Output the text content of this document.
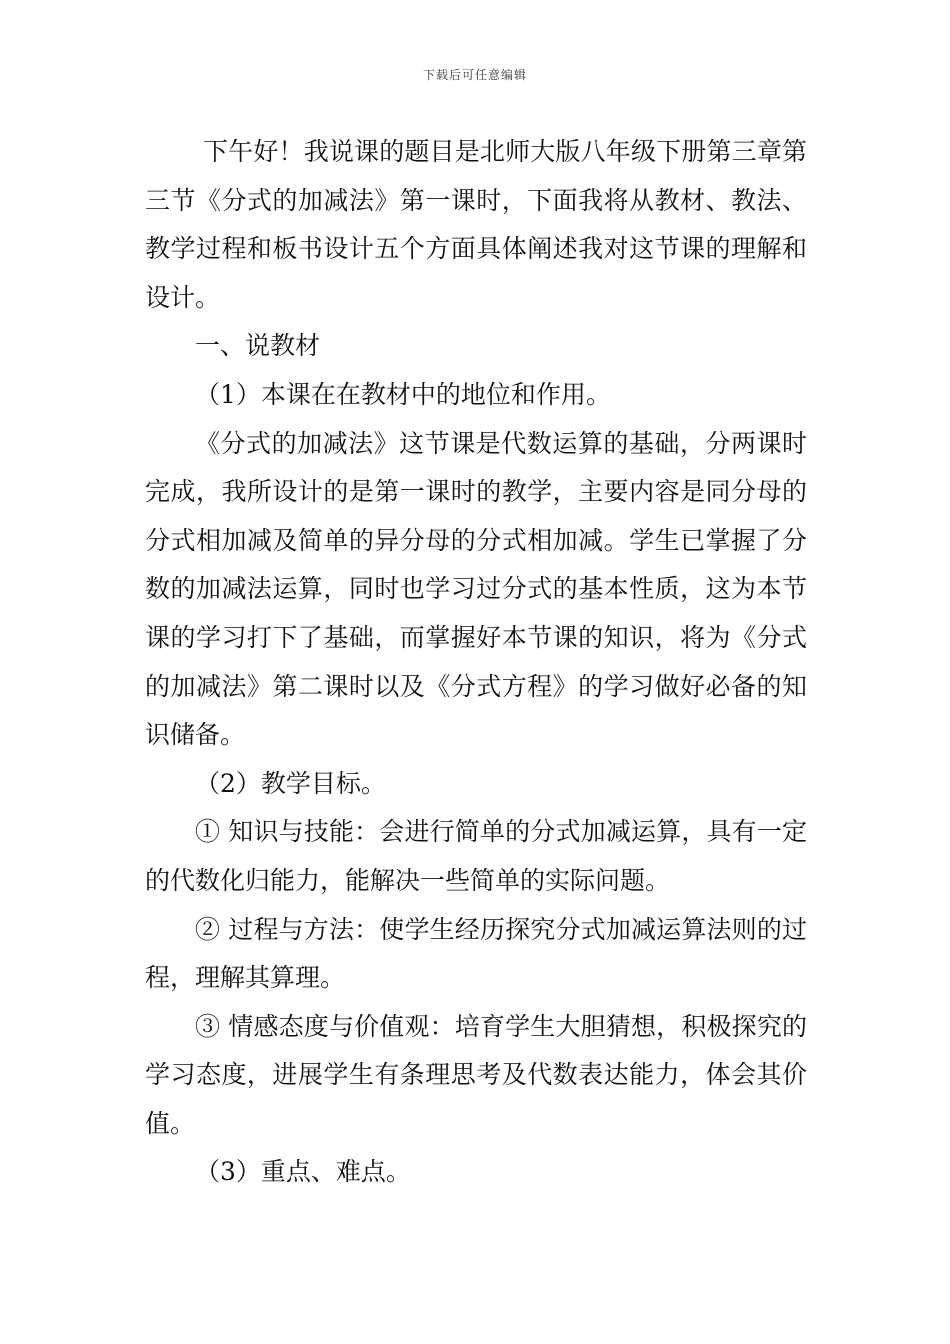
下载后可任意编辑

下午好！我说课的题目是北师大版八年级下册第三章第三节《分式的加减法》第一课时，下面我将从教材、教法、教学过程和板书设计五个方面具体阐述我对这节课的理解和设计。

一、说教材

（1）本课在在教材中的地位和作用。

《分式的加减法》这节课是代数运算的基础，分两课时完成，我所设计的是第一课时的教学，主要内容是同分母的分式相加减及简单的异分母的分式相加减。学生已掌握了分数的加减法运算，同时也学习过分式的基本性质，这为本节课的学习打下了基础，而掌握好本节课的知识，将为《分式的加减法》第二课时以及《分式方程》的学习做好必备的知识储备。

（2）教学目标。

① 知识与技能：会进行简单的分式加减运算，具有一定的代数化归能力，能解决一些简单的实际问题。

② 过程与方法：使学生经历探究分式加减运算法则的过程，理解其算理。

③ 情感态度与价值观：培育学生大胆猜想，积极探究的学习态度，进展学生有条理思考及代数表达能力，体会其价值。

（3）重点、难点。
